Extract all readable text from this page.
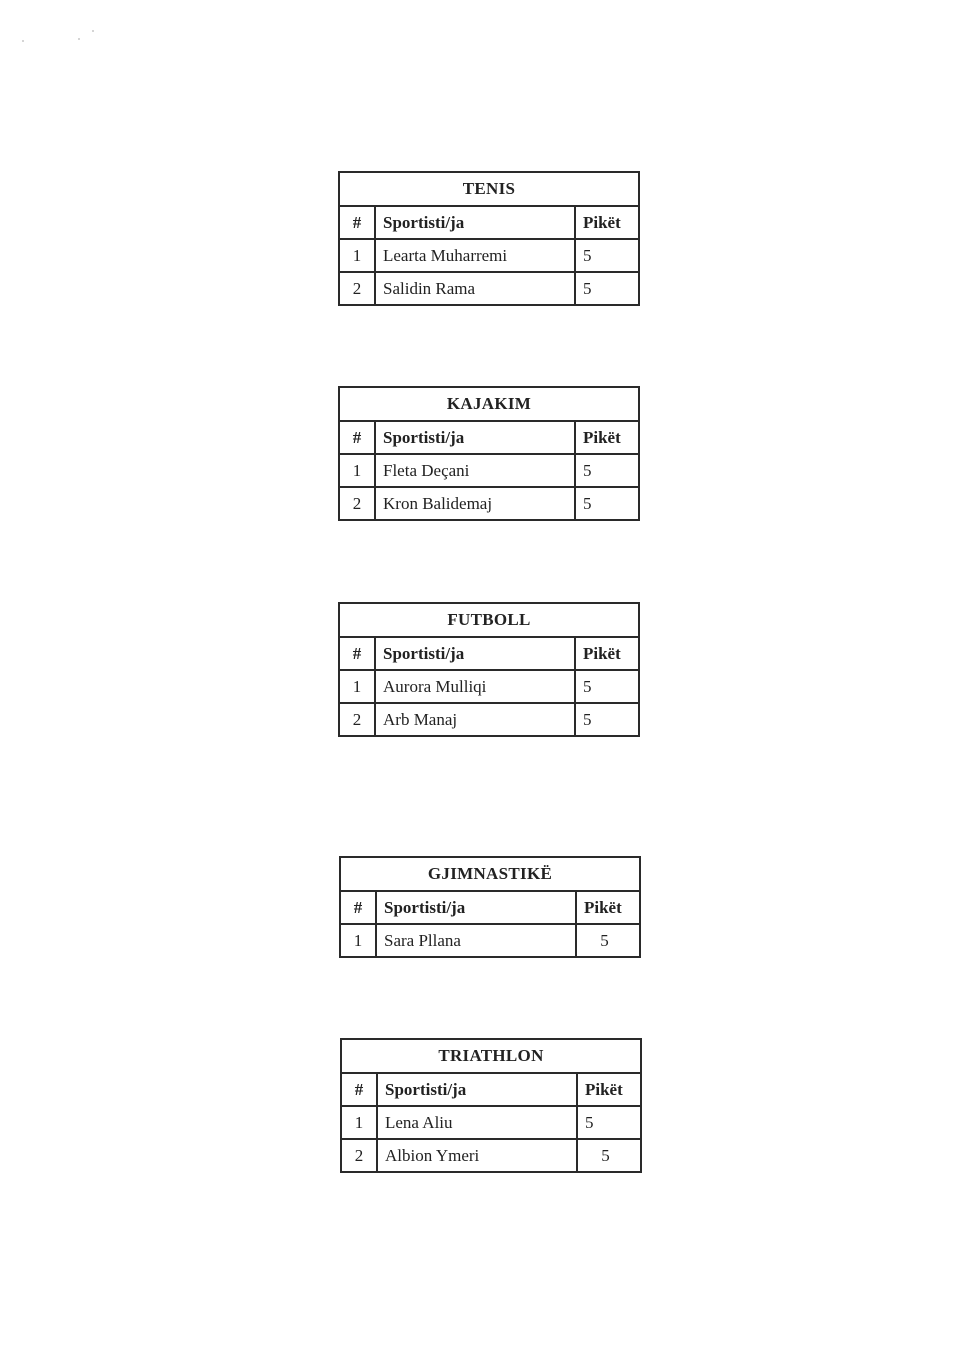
TENIS		
#	Sportisti/ja	Pikët
1	Learta Muharremi	5
2	Salidin Rama	5
KAJAKIM		
#	Sportisti/ja	Pikët
1	Fleta Deçani	5
2	Kron Balidemaj	5
FUTBOLL		
#	Sportisti/ja	Pikët
1	Aurora Mulliqi	5
2	Arb Manaj	5
GJIMNASTIKË		
#	Sportisti/ja	Pikët
1	Sara Pllana	5
TRIATHLON		
#	Sportisti/ja	Pikët
1	Lena Aliu	5
2	Albion Ymeri	5
